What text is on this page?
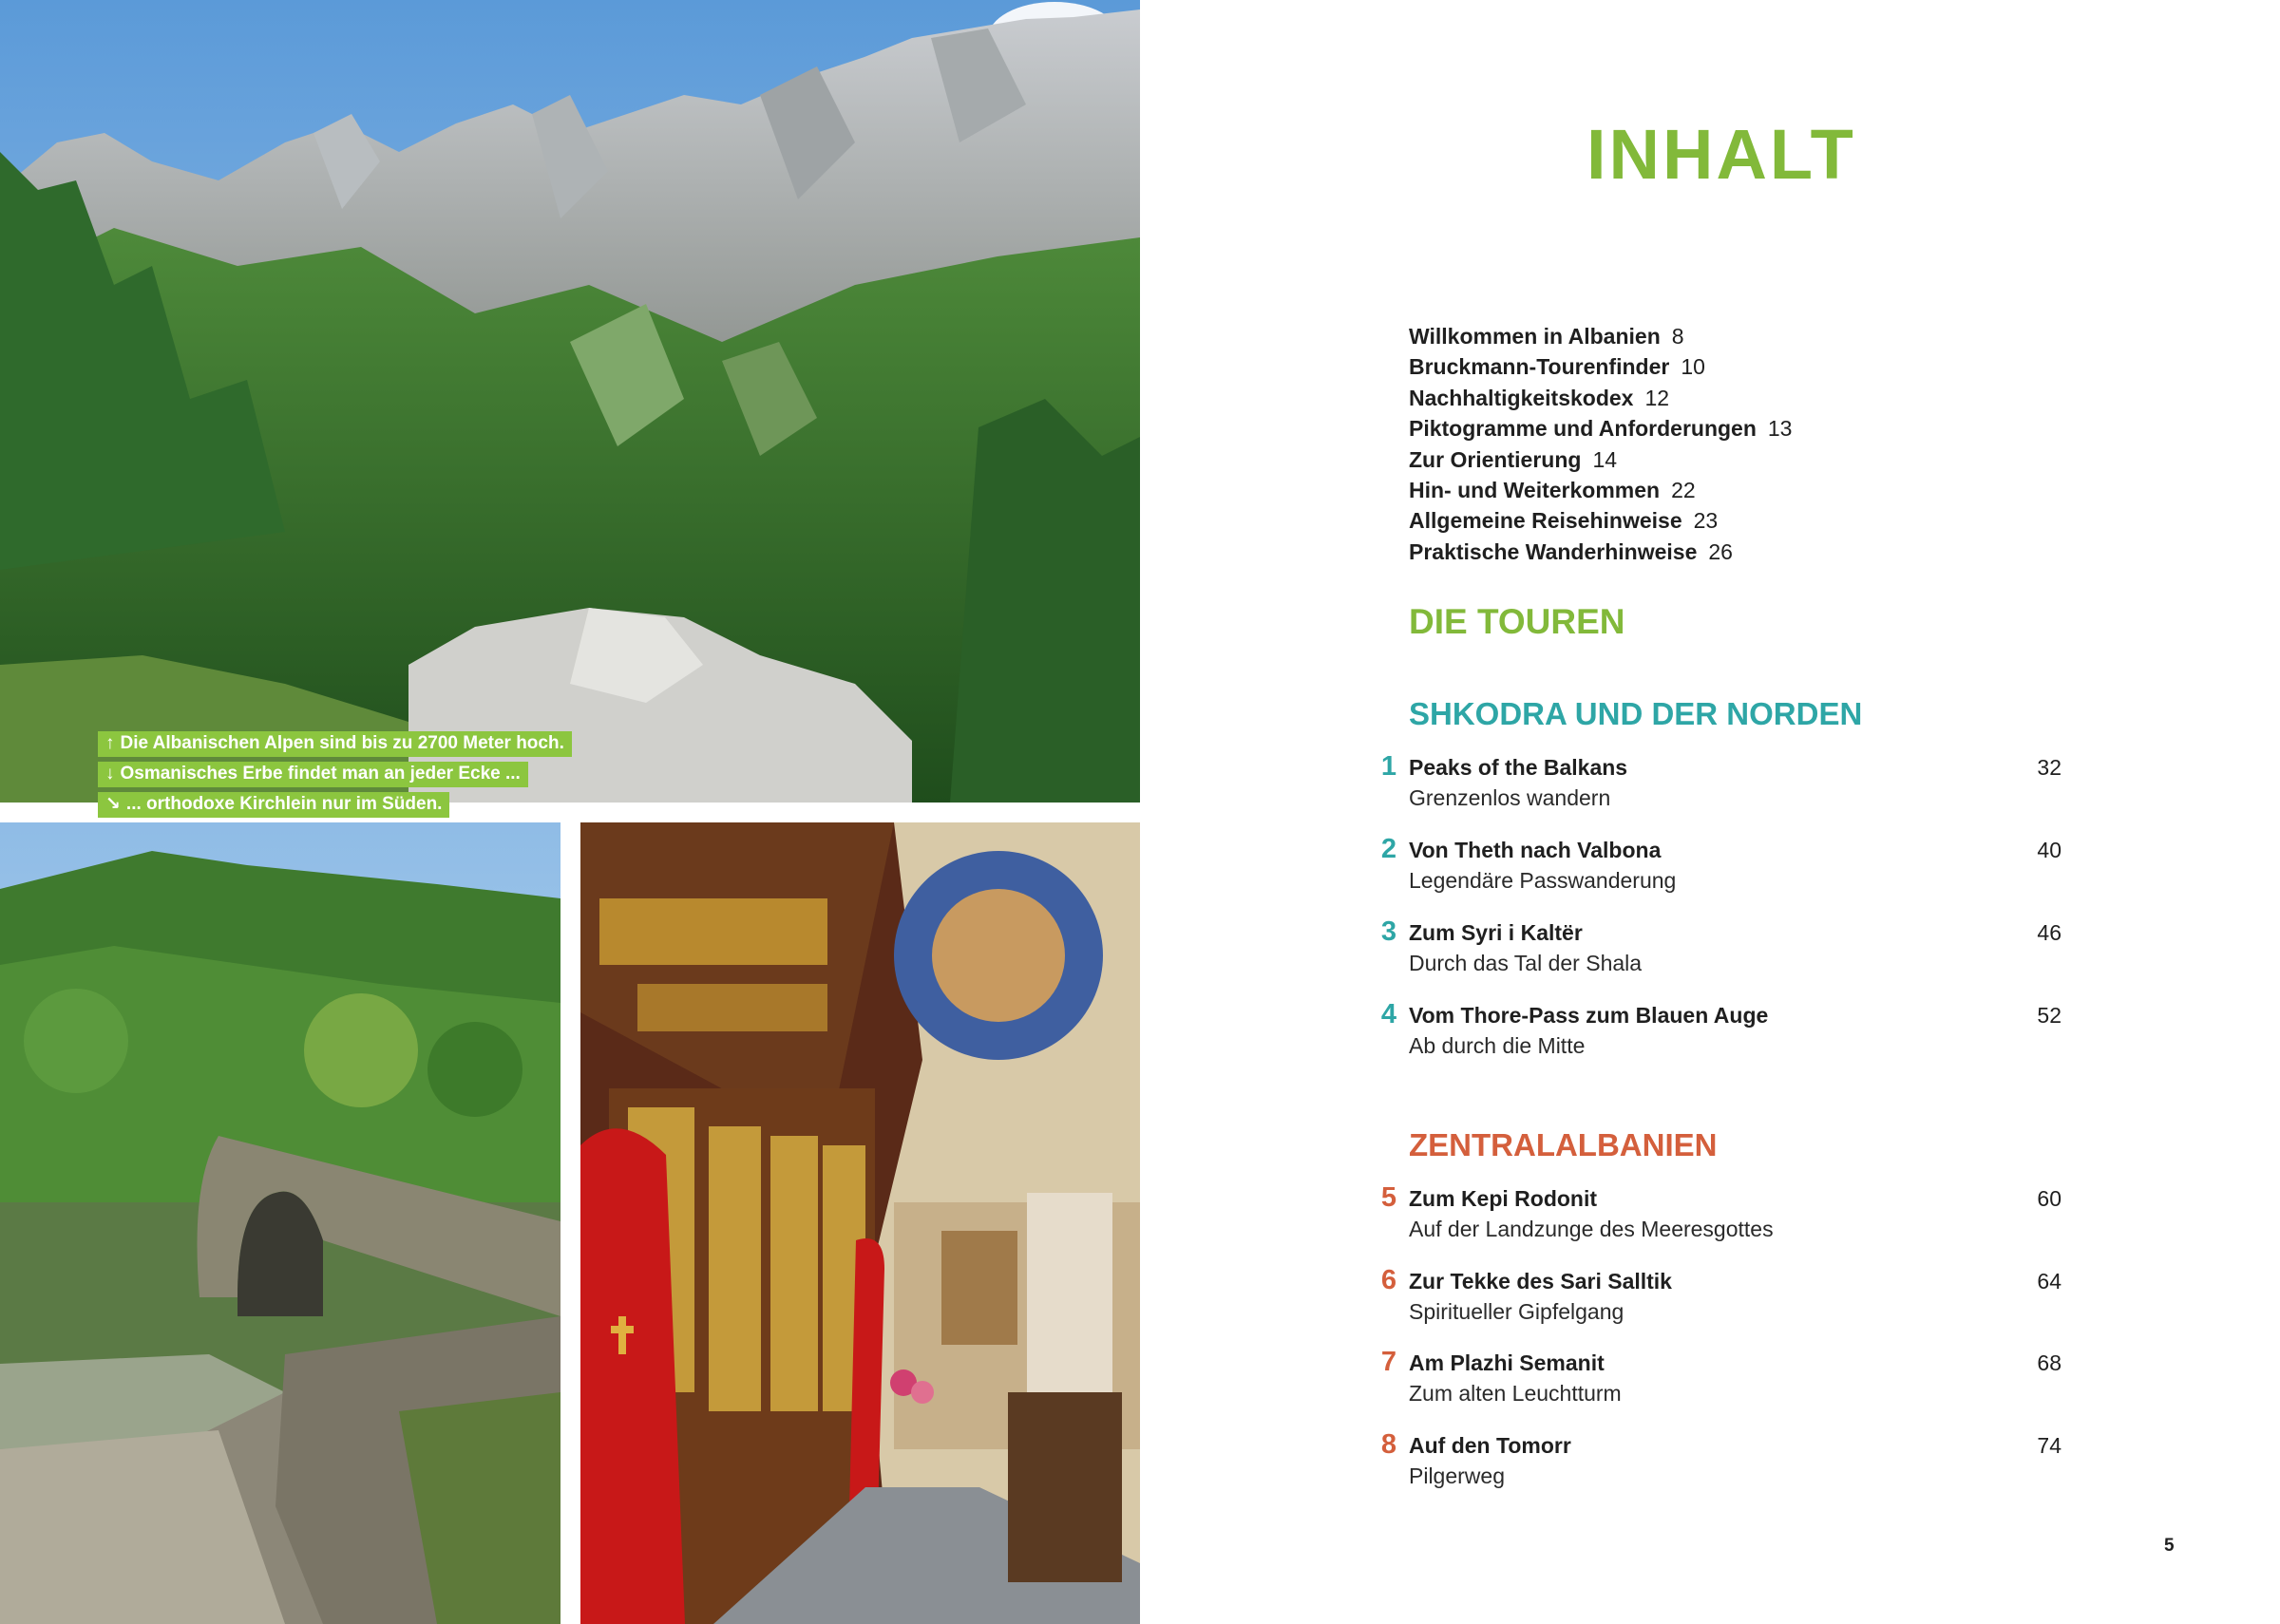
↑ Die Albanischen Alpen sind bis zu 2700 Meter hoch.
↓ Osmanisches Erbe findet man an jeder Ecke ...
↘ ... orthodoxe Kirchlein nur im Süden.
INHALT
Willkommen in Albanien 8
Bruckmann-Tourenfinder 10
Nachhaltigkeitskodex 12
Piktogramme und Anforderungen 13
Zur Orientierung 14
Hin- und Weiterkommen 22
Allgemeine Reisehinweise 23
Praktische Wanderhinweise 26
DIE TOUREN
SHKODRA UND DER NORDEN
1 Peaks of the Balkans
Grenzenlos wandern
32
2 Von Theth nach Valbona
Legendäre Passwanderung
40
3 Zum Syri i Kaltër
Durch das Tal der Shala
46
4 Vom Thore-Pass zum Blauen Auge
Ab durch die Mitte
52
ZENTRALALBANIEN
5 Zum Kepi Rodonit
Auf der Landzunge des Meeresgottes
60
6 Zur Tekke des Sari Salltik
Spiritueller Gipfelgang
64
7 Am Plazhi Semanit
Zum alten Leuchtturm
68
8 Auf den Tomorr
Pilgerweg
74
5
